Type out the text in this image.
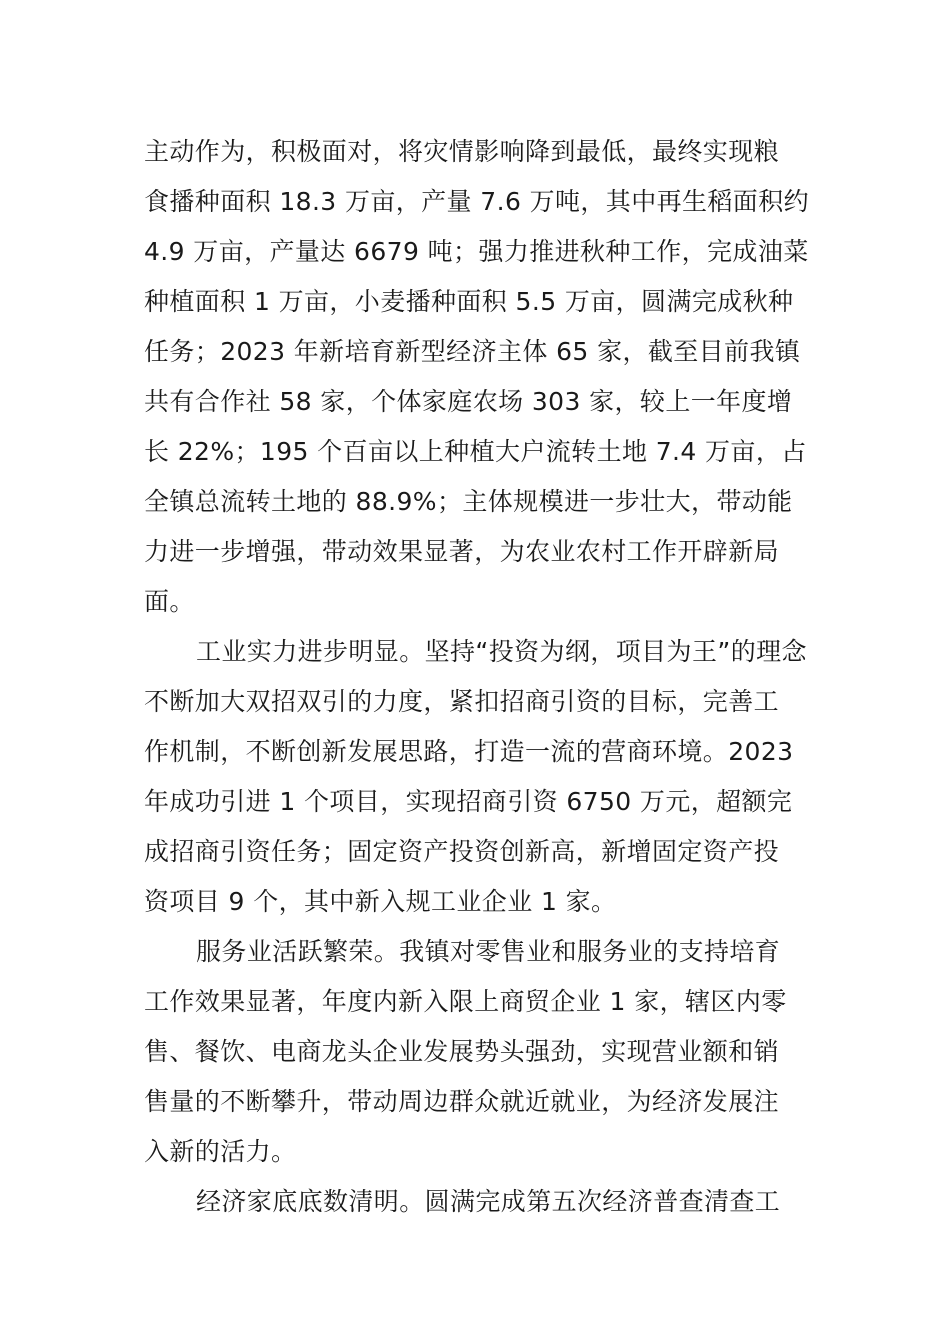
主动作为，积极面对，将灾情影响降到最低，最终实现粮
食播种面积 18.3 万亩，产量 7.6 万吨，其中再生稻面积约
4.9 万亩，产量达 6679 吨；强力推进秋种工作，完成油菜
种植面积 1 万亩，小麦播种面积 5.5 万亩，圆满完成秋种
任务；2023 年新培育新型经济主体 65 家，截至目前我镇
共有合作社 58 家，个体家庭农场 303 家，较上一年度增
长 22%；195 个百亩以上种植大户流转土地 7.4 万亩，占
全镇总流转土地的 88.9%；主体规模进一步壮大，带动能
力进一步增强，带动效果显著，为农业农村工作开辟新局
面。
工业实力进步明显。坚持“投资为纲，项目为王”的理念
不断加大双招双引的力度，紧扣招商引资的目标，完善工
作机制，不断创新发展思路，打造一流的营商环境。2023
年成功引进 1 个项目，实现招商引资 6750 万元，超额完
成招商引资任务；固定资产投资创新高，新增固定资产投
资项目 9 个，其中新入规工业企业 1 家。
服务业活跃繁荣。我镇对零售业和服务业的支持培育
工作效果显著，年度内新入限上商贸企业 1 家，辖区内零
售、餐饮、电商龙头企业发展势头强劲，实现营业额和销
售量的不断攀升，带动周边群众就近就业，为经济发展注
入新的活力。
经济家底底数清明。圆满完成第五次经济普查清查工
